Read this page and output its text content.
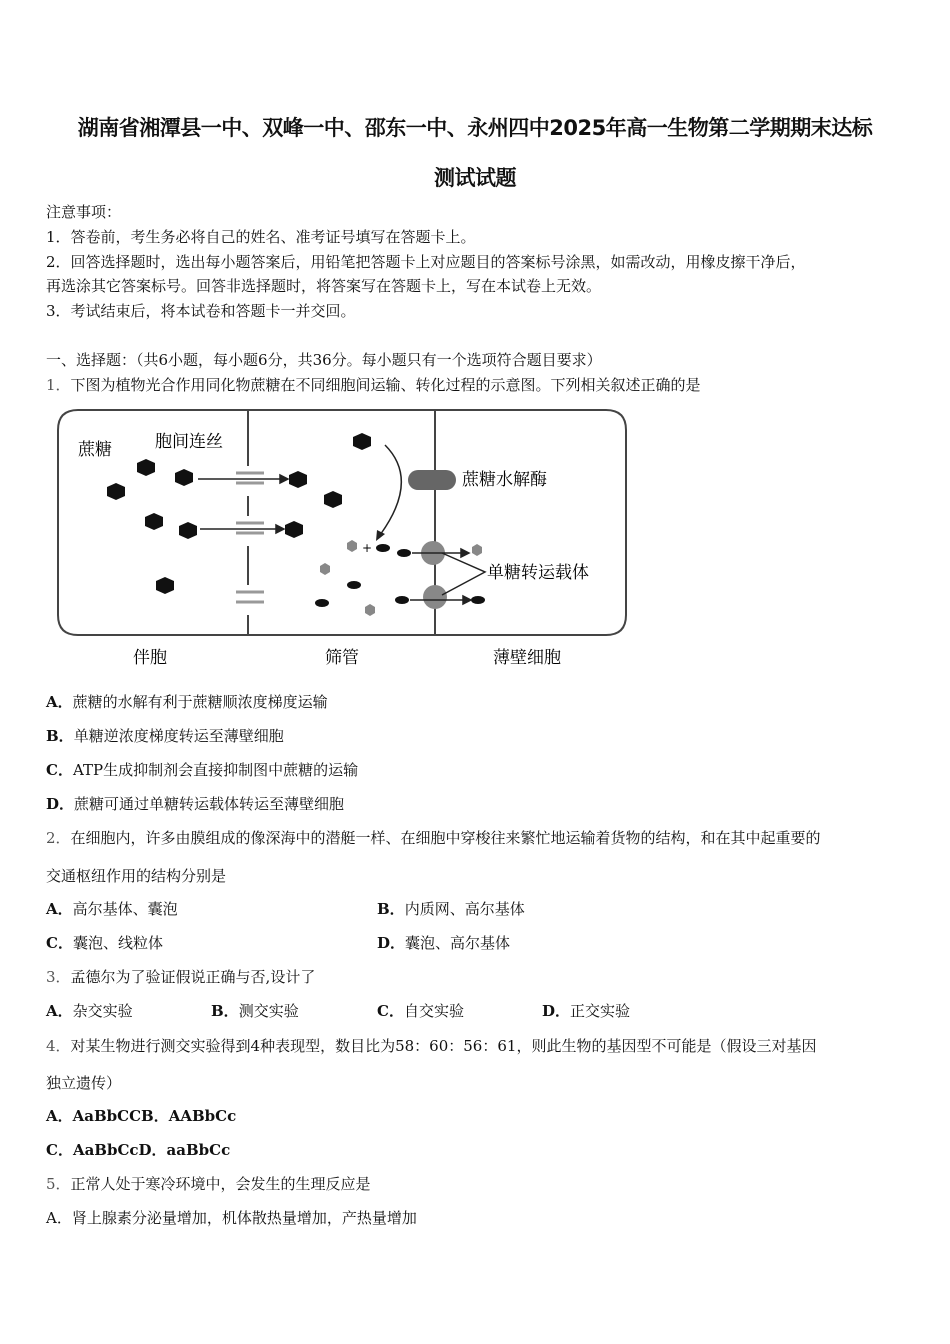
湖南省湘潭县一中、双峰一中、邵东一中、永州四中2025年高一生物第二学期期末达标
测试试题
注意事项：
1．答卷前，考生务必将自己的姓名、准考证号填写在答题卡上。
2．回答选择题时，选出每小题答案后，用铅笔把答题卡上对应题目的答案标号涂黑，如需改动，用橡皮擦干净后，
再选涂其它答案标号。回答非选择题时，将答案写在答题卡上，写在本试卷上无效。
3．考试结束后，将本试卷和答题卡一并交回。
一、选择题：（共6小题，每小题6分，共36分。每小题只有一个选项符合题目要求）
1．下图为植物光合作用同化物蔗糖在不同细胞间运输、转化过程的示意图。下列相关叙述正确的是
蔗糖	胞间连丝
蔗糖水解酶
+
单糖转运载体
伴胞	筛管	薄壁细胞
A．蔗糖的水解有利于蔗糖顺浓度梯度运输
B．单糖逆浓度梯度转运至薄壁细胞
C．ATP生成抑制剂会直接抑制图中蔗糖的运输
D．蔗糖可通过单糖转运载体转运至薄壁细胞
2．在细胞内，许多由膜组成的像深海中的潜艇一样、在细胞中穿梭往来繁忙地运输着货物的结构，和在其中起重要的
交通枢纽作用的结构分别是
A．高尔基体、囊泡	B．内质网、高尔基体
C．囊泡、线粒体	D．囊泡、高尔基体
3．孟德尔为了验证假说正确与否,设计了
A．杂交实验	B．测交实验	C．自交实验	D．正交实验
4．对某生物进行测交实验得到4种表现型，数目比为58：60：56：61，则此生物的基因型不可能是（假设三对基因
独立遗传）
A．AaBbCCB．AABbCc
C．AaBbCcD．aaBbCc
5．正常人处于寒冷环境中，会发生的生理反应是
A．肾上腺素分泌量增加，机体散热量增加，产热量增加
